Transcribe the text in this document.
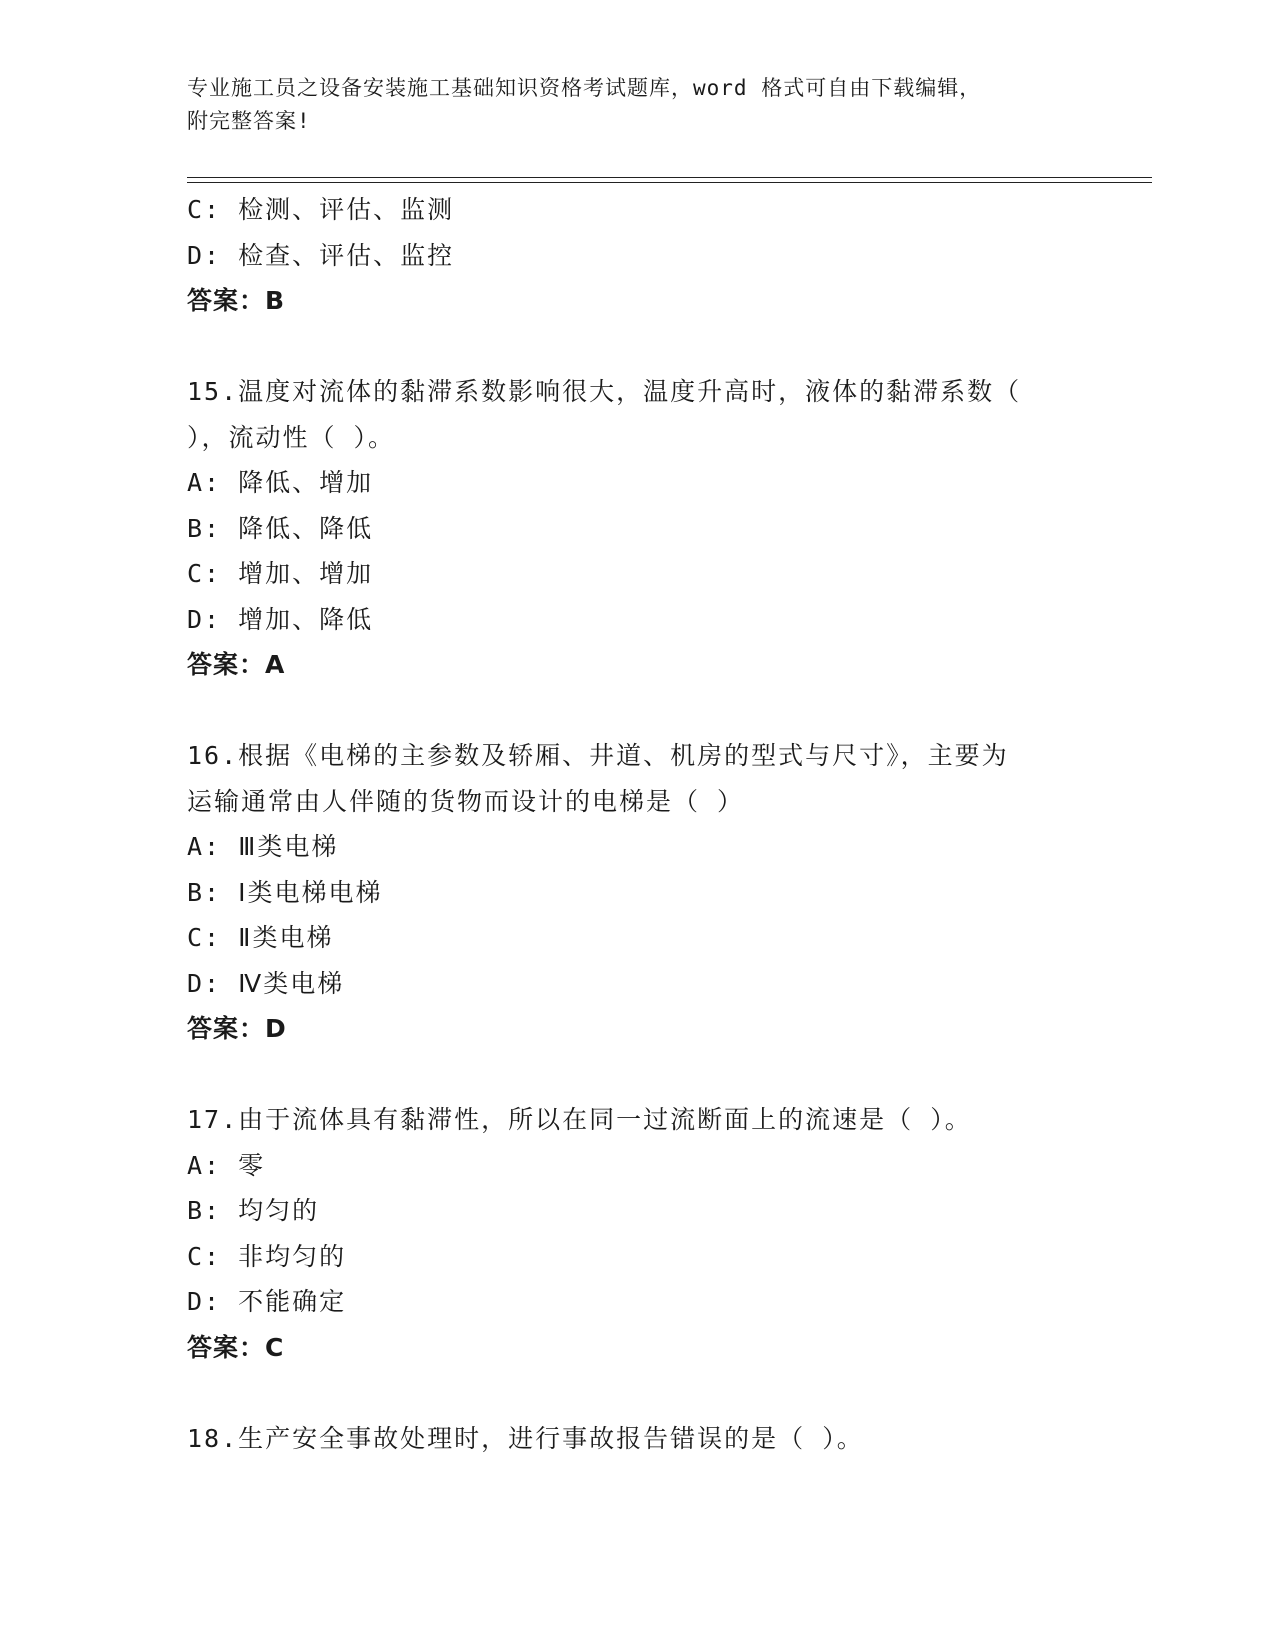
专业施工员之设备安装施工基础知识资格考试题库，word 格式可自由下载编辑，
附完整答案!
C: 检测、评估、监测
D: 检查、评估、监控
答案：B
15.温度对流体的黏滞系数影响很大，温度升高时，液体的黏滞系数（
），流动性（ ）。
A: 降低、增加
B: 降低、降低
C: 增加、增加
D: 增加、降低
答案：A
16.根据《电梯的主参数及轿厢、井道、机房的型式与尺寸》，主要为
运输通常由人伴随的货物而设计的电梯是（ ）
A: Ⅲ类电梯
B: Ⅰ类电梯电梯
C: Ⅱ类电梯
D: Ⅳ类电梯
答案：D
17.由于流体具有黏滞性，所以在同一过流断面上的流速是（ ）。
A: 零
B: 均匀的
C: 非均匀的
D: 不能确定
答案：C
18.生产安全事故处理时，进行事故报告错误的是（ ）。
